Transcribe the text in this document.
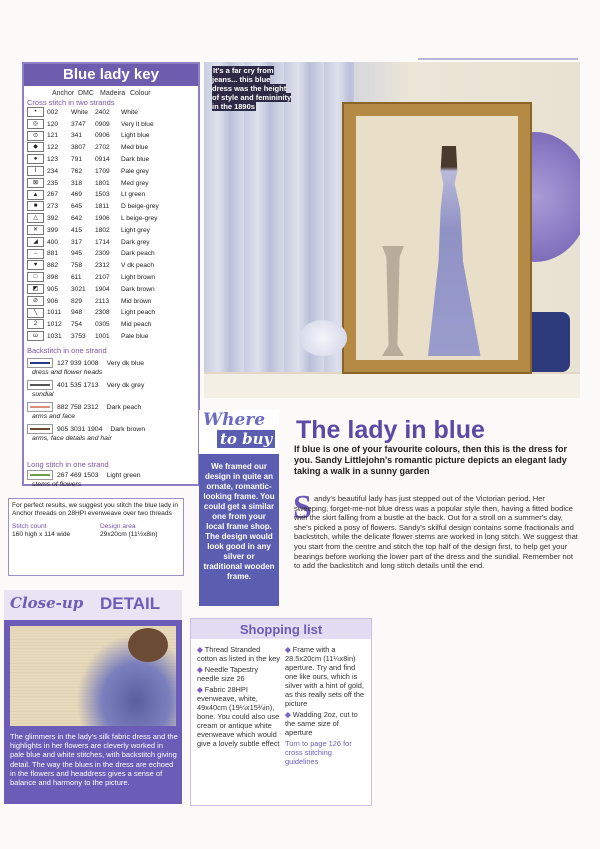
Blue lady key
Anchor DMC Madeira Colour
Cross stitch in two strands
• 002 White 2402 White
◎ 120 3747 0909 Very lt blue
⊙ 121 341 0906 Light blue
◆ 122 3807 2702 Med blue
● 123 791 0914 Dark blue
I 234 762 1709 Pale grey
⊠ 235 318 1801 Med grey
▲ 267 469 1503 Lt green
■ 273 645 1811 D beige-grey
△ 392 642 1906 L beige-grey
✕ 399 415 1802 Light grey
◢ 400 317 1714 Dark grey
− 881 945 2309 Dark peach
♥ 882 758 2312 V dk peach
□ 898 611 2107 Light brown
◩ 905 3021 1904 Dark brown
⊘ 906 829 2113 Mid brown
╲ 1011 948 2308 Light peach
2 1012 754 0305 Mid peach
ω 1031 3753 1001 Pale blue
Backstitch in one strand
127 939 1008 Very dk blue
dress and flower heads
401 535 1713 Very dk grey
sundial
882 758 2312 Dark peach
arms and face
905 3031 1904 Dark brown
arms, face details and hair
Long stitch in one strand
267 469 1503 Light green
stems of flowers
For perfect results, we suggest you stitch the blue lady in Anchor threads on 28HPI evenweave over two threads
Stitch count
160 high x 114 wide
Design area
29x20cm (11½x8in)
It's a far cry from jeans... this blue dress was the height of style and femininity in the 1890s
Where
to buy
We framed our design in quite an ornate, romantic-looking frame. You could get a similar one from your local frame shop. The design would look good in any silver or traditional wooden frame.
The lady in blue
If blue is one of your favourite colours, then this is the dress for you. Sandy Littlejohn's romantic picture depicts an elegant lady taking a walk in a sunny garden
S andy's beautiful lady has just stepped out of the Victorian period. Her sweeping, forget-me-not blue dress was a popular style then, having a fitted bodice with the skirt falling from a bustle at the back. Out for a stroll on a summer's day, she's picked a posy of flowers. Sandy's skilful design contains some fractionals and backstitch, while the delicate flower stems are worked in long stitch. We suggest that you start from the centre and stitch the top half of the design first, to help get your bearings before working the lower part of the dress and the sundial. Remember not to add the backstitch and long stitch details until the end.
Close-up DETAIL
The glimmers in the lady's silk fabric dress and the highlights in her flowers are cleverly worked in pale blue and white stitches, with backstitch giving detail. The way the blues in the dress are echoed in the flowers and headdress gives a sense of balance and harmony to the picture.
Shopping list
◆ Thread Stranded cotton as listed in the key
◆ Needle Tapestry needle size 26
◆ Fabric 28HPI evenweave, white, 49x40cm (19¼x15¾in), bone. You could also use cream or antique white evenweave which would give a lovely subtle effect
◆ Frame with a 28.5x20cm (11¼x8in) aperture. Try and find one like ours, which is silver with a hint of gold, as this really sets off the picture
◆ Wadding 2oz, cut to the same size of aperture
Turn to page 126 for cross stitching guidelines
